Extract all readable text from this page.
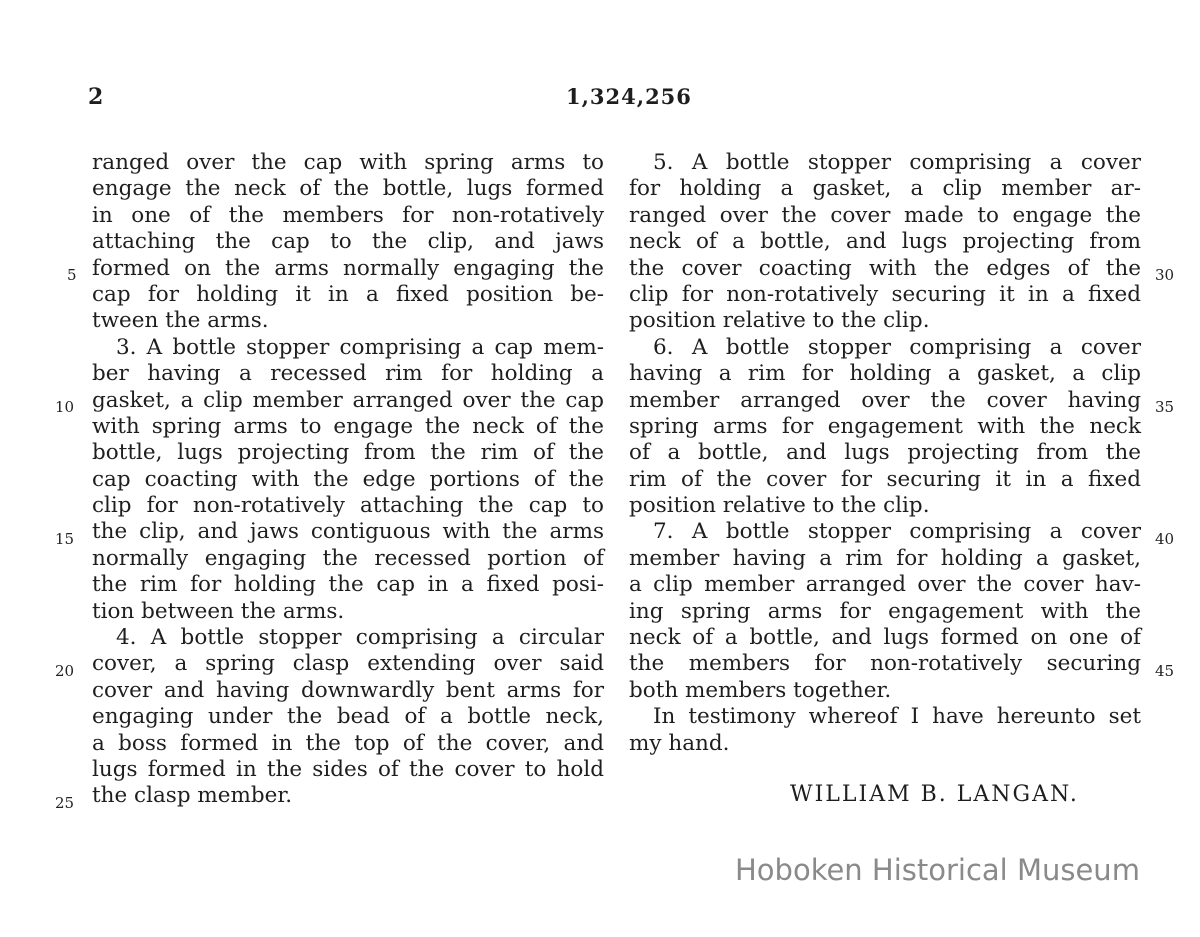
2	1,324,256
ranged over the cap with spring arms to
engage the neck of the bottle, lugs formed
in one of the members for non-rotatively
attaching the cap to the clip, and jaws
formed on the arms normally engaging the
cap for holding it in a fixed position be-
tween the arms.
3. A bottle stopper comprising a cap mem-
ber having a recessed rim for holding a
gasket, a clip member arranged over the cap
with spring arms to engage the neck of the
bottle, lugs projecting from the rim of the
cap coacting with the edge portions of the
clip for non-rotatively attaching the cap to
the clip, and jaws contiguous with the arms
normally engaging the recessed portion of
the rim for holding the cap in a fixed posi-
tion between the arms.
4. A bottle stopper comprising a circular
cover, a spring clasp extending over said
cover and having downwardly bent arms for
engaging under the bead of a bottle neck,
a boss formed in the top of the cover, and
lugs formed in the sides of the cover to hold
the clasp member.
5
10
15
20
25
5. A bottle stopper comprising a cover
for holding a gasket, a clip member ar-
ranged over the cover made to engage the
neck of a bottle, and lugs projecting from
the cover coacting with the edges of the
clip for non-rotatively securing it in a fixed
position relative to the clip.
6. A bottle stopper comprising a cover
having a rim for holding a gasket, a clip
member arranged over the cover having
spring arms for engagement with the neck
of a bottle, and lugs projecting from the
rim of the cover for securing it in a fixed
position relative to the clip.
7. A bottle stopper comprising a cover
member having a rim for holding a gasket,
a clip member arranged over the cover hav-
ing spring arms for engagement with the
neck of a bottle, and lugs formed on one of
the members for non-rotatively securing
both members together.
In testimony whereof I have hereunto set
my hand.
30
35
40
45
WILLIAM B. LANGAN.
Hoboken Historical Museum
